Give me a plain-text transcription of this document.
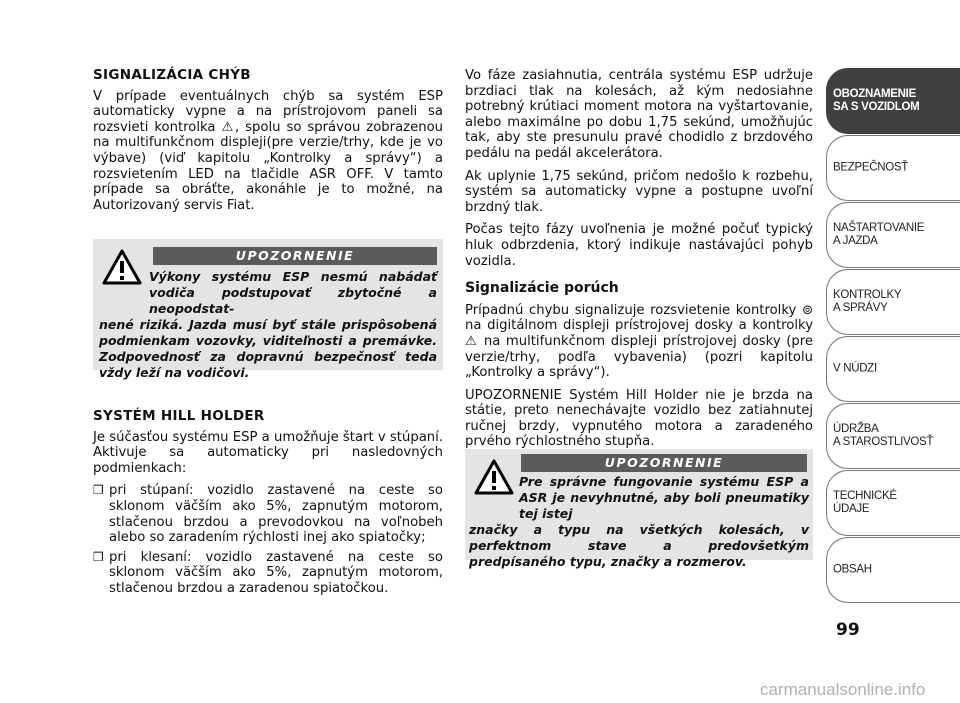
SIGNALIZÁCIA CHÝB

V prípade eventuálnych chýb sa systém ESP automaticky vypne a na prístrojovom paneli sa rozsvieti kontrolka ⚠, spolu so správou zobrazenou na multifunkčnom displeji(pre verzie/trhy, kde je vo výbave) (viď kapitolu „Kontrolky a správy“) a rozsvietením LED na tlačidle ASR OFF. V tamto prípade sa obráťte, akonáhle je to možné, na Autorizovaný servis Fiat.

UPOZORNENIE
Výkony systému ESP nesmú nabádať vodiča podstupovať zbytočné a neopodstat-
nené riziká. Jazda musí byť stále prispôsobená podmienkam vozovky, viditeľnosti a premávke. Zodpovednosť za dopravnú bezpečnosť teda vždy leží na vodičovi.
SYSTÉM HILL HOLDER

Je súčasťou systému ESP a umožňuje štart v stúpaní. Aktivuje sa automaticky pri nasledovných podmienkach:

❒ pri stúpaní: vozidlo zastavené na ceste so sklonom väčším ako 5%, zapnutým motorom, stlačenou brzdou a prevodovkou na voľnobeh alebo so zaradením rýchlosti inej ako spiatočky;
❒ pri klesaní: vozidlo zastavené na ceste so sklonom väčším ako 5%, zapnutým motorom, stlačenou brzdou a zaradenou spiatočkou.

Vo fáze zasiahnutia, centrála systému ESP udržuje brzdiaci tlak na kolesách, až kým nedosiahne potrebný krútiaci moment motora na vyštartovanie, alebo maximálne po dobu 1,75 sekúnd, umožňujúc tak, aby ste presunulu pravé chodidlo z brzdového pedálu na pedál akcelerátora.

Ak uplynie 1,75 sekúnd, pričom nedošlo k rozbehu, systém sa automaticky vypne a postupne uvoľní brzdný tlak.

Počas tejto fázy uvoľnenia je možné počuť typický hluk odbrzdenia, ktorý indikuje nastávajúci pohyb vozidla.

Signalizácie porúch

Prípadnú chybu signalizuje rozsvietenie kontrolky ⊚ na digitálnom displeji prístrojovej dosky a kontrolky ⚠ na multifunkčnom displeji prístrojovej dosky (pre verzie/trhy, podľa vybavenia) (pozri kapitolu „Kontrolky a správy“).

UPOZORNENIE Systém Hill Holder nie je brzda na státie, preto nenechávajte vozidlo bez zatiahnutej ručnej brzdy, vypnutého motora a zaradeného prvého rýchlostného stupňa.

UPOZORNENIE
Pre správne fungovanie systému ESP a ASR je nevyhnutné, aby boli pneumatiky tej istej
značky a typu na všetkých kolesách, v perfektnom stave a predovšetkým predpísaného typu, značky a rozmerov.
OBOZNAMENIE
SA S VOZIDLOM
BEZPEČNOSŤ
NAŠTARTOVANIE
A JAZDA
KONTROLKY
A SPRÁVY
V NÚDZI
ÚDRŽBA
A STAROSTLIVOSŤ
TECHNICKÉ
ÚDAJE
OBSAH
99
carmanualsonline.info
